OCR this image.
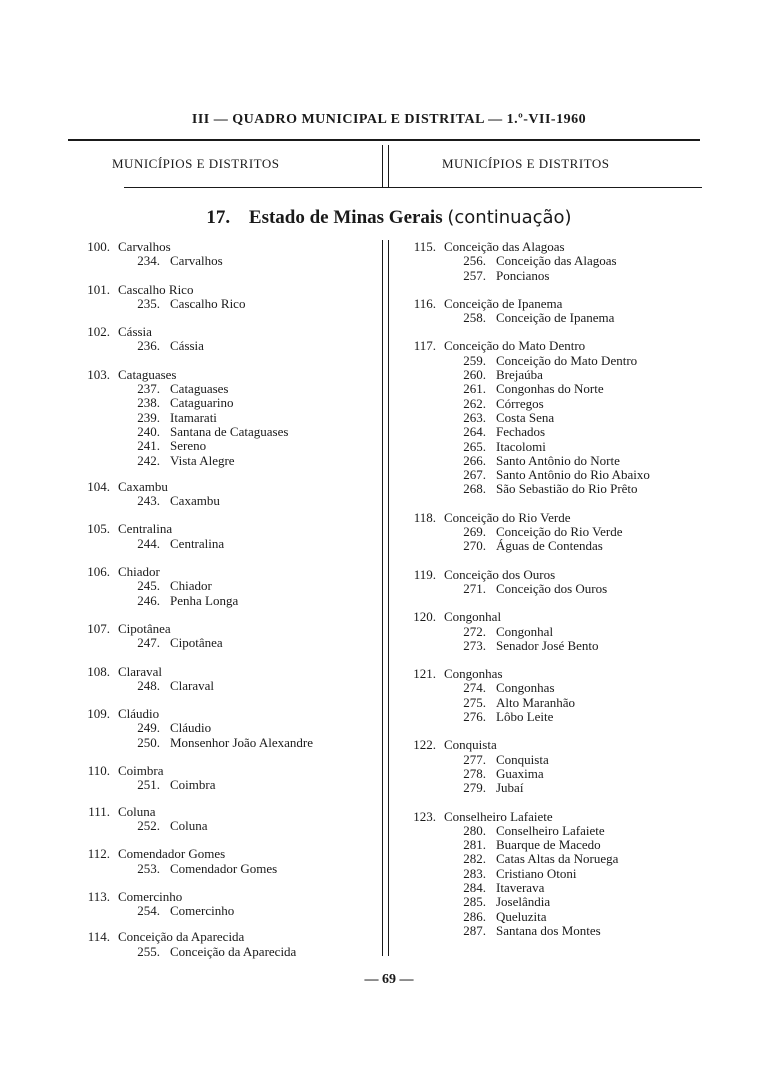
III — QUADRO MUNICIPAL E DISTRITAL — 1.º-VII-1960
MUNICÍPIOS E DISTRITOS	MUNICÍPIOS E DISTRITOS
17. Estado de Minas Gerais (continuação)
100. Carvalhos
234. Carvalhos
101. Cascalho Rico
235. Cascalho Rico
102. Cássia
236. Cássia
103. Cataguases
237. Cataguases
238. Cataguarino
239. Itamarati
240. Santana de Cataguases
241. Sereno
242. Vista Alegre
104. Caxambu
243. Caxambu
105. Centralina
244. Centralina
106. Chiador
245. Chiador
246. Penha Longa
107. Cipotânea
247. Cipotânea
108. Claraval
248. Claraval
109. Cláudio
249. Cláudio
250. Monsenhor João Alexandre
110. Coimbra
251. Coimbra
111. Coluna
252. Coluna
112. Comendador Gomes
253. Comendador Gomes
113. Comercinho
254. Comercinho
114. Conceição da Aparecida
255. Conceição da Aparecida
115. Conceição das Alagoas
256. Conceição das Alagoas
257. Poncianos
116. Conceição de Ipanema
258. Conceição de Ipanema
117. Conceição do Mato Dentro
259. Conceição do Mato Dentro
260. Brejaúba
261. Congonhas do Norte
262. Córregos
263. Costa Sena
264. Fechados
265. Itacolomi
266. Santo Antônio do Norte
267. Santo Antônio do Rio Abaixo
268. São Sebastião do Rio Prêto
118. Conceição do Rio Verde
269. Conceição do Rio Verde
270. Águas de Contendas
119. Conceição dos Ouros
271. Conceição dos Ouros
120. Congonhal
272. Congonhal
273. Senador José Bento
121. Congonhas
274. Congonhas
275. Alto Maranhão
276. Lôbo Leite
122. Conquista
277. Conquista
278. Guaxima
279. Jubaí
123. Conselheiro Lafaiete
280. Conselheiro Lafaiete
281. Buarque de Macedo
282. Catas Altas da Noruega
283. Cristiano Otoni
284. Itaverava
285. Joselândia
286. Queluzita
287. Santana dos Montes
— 69 —
